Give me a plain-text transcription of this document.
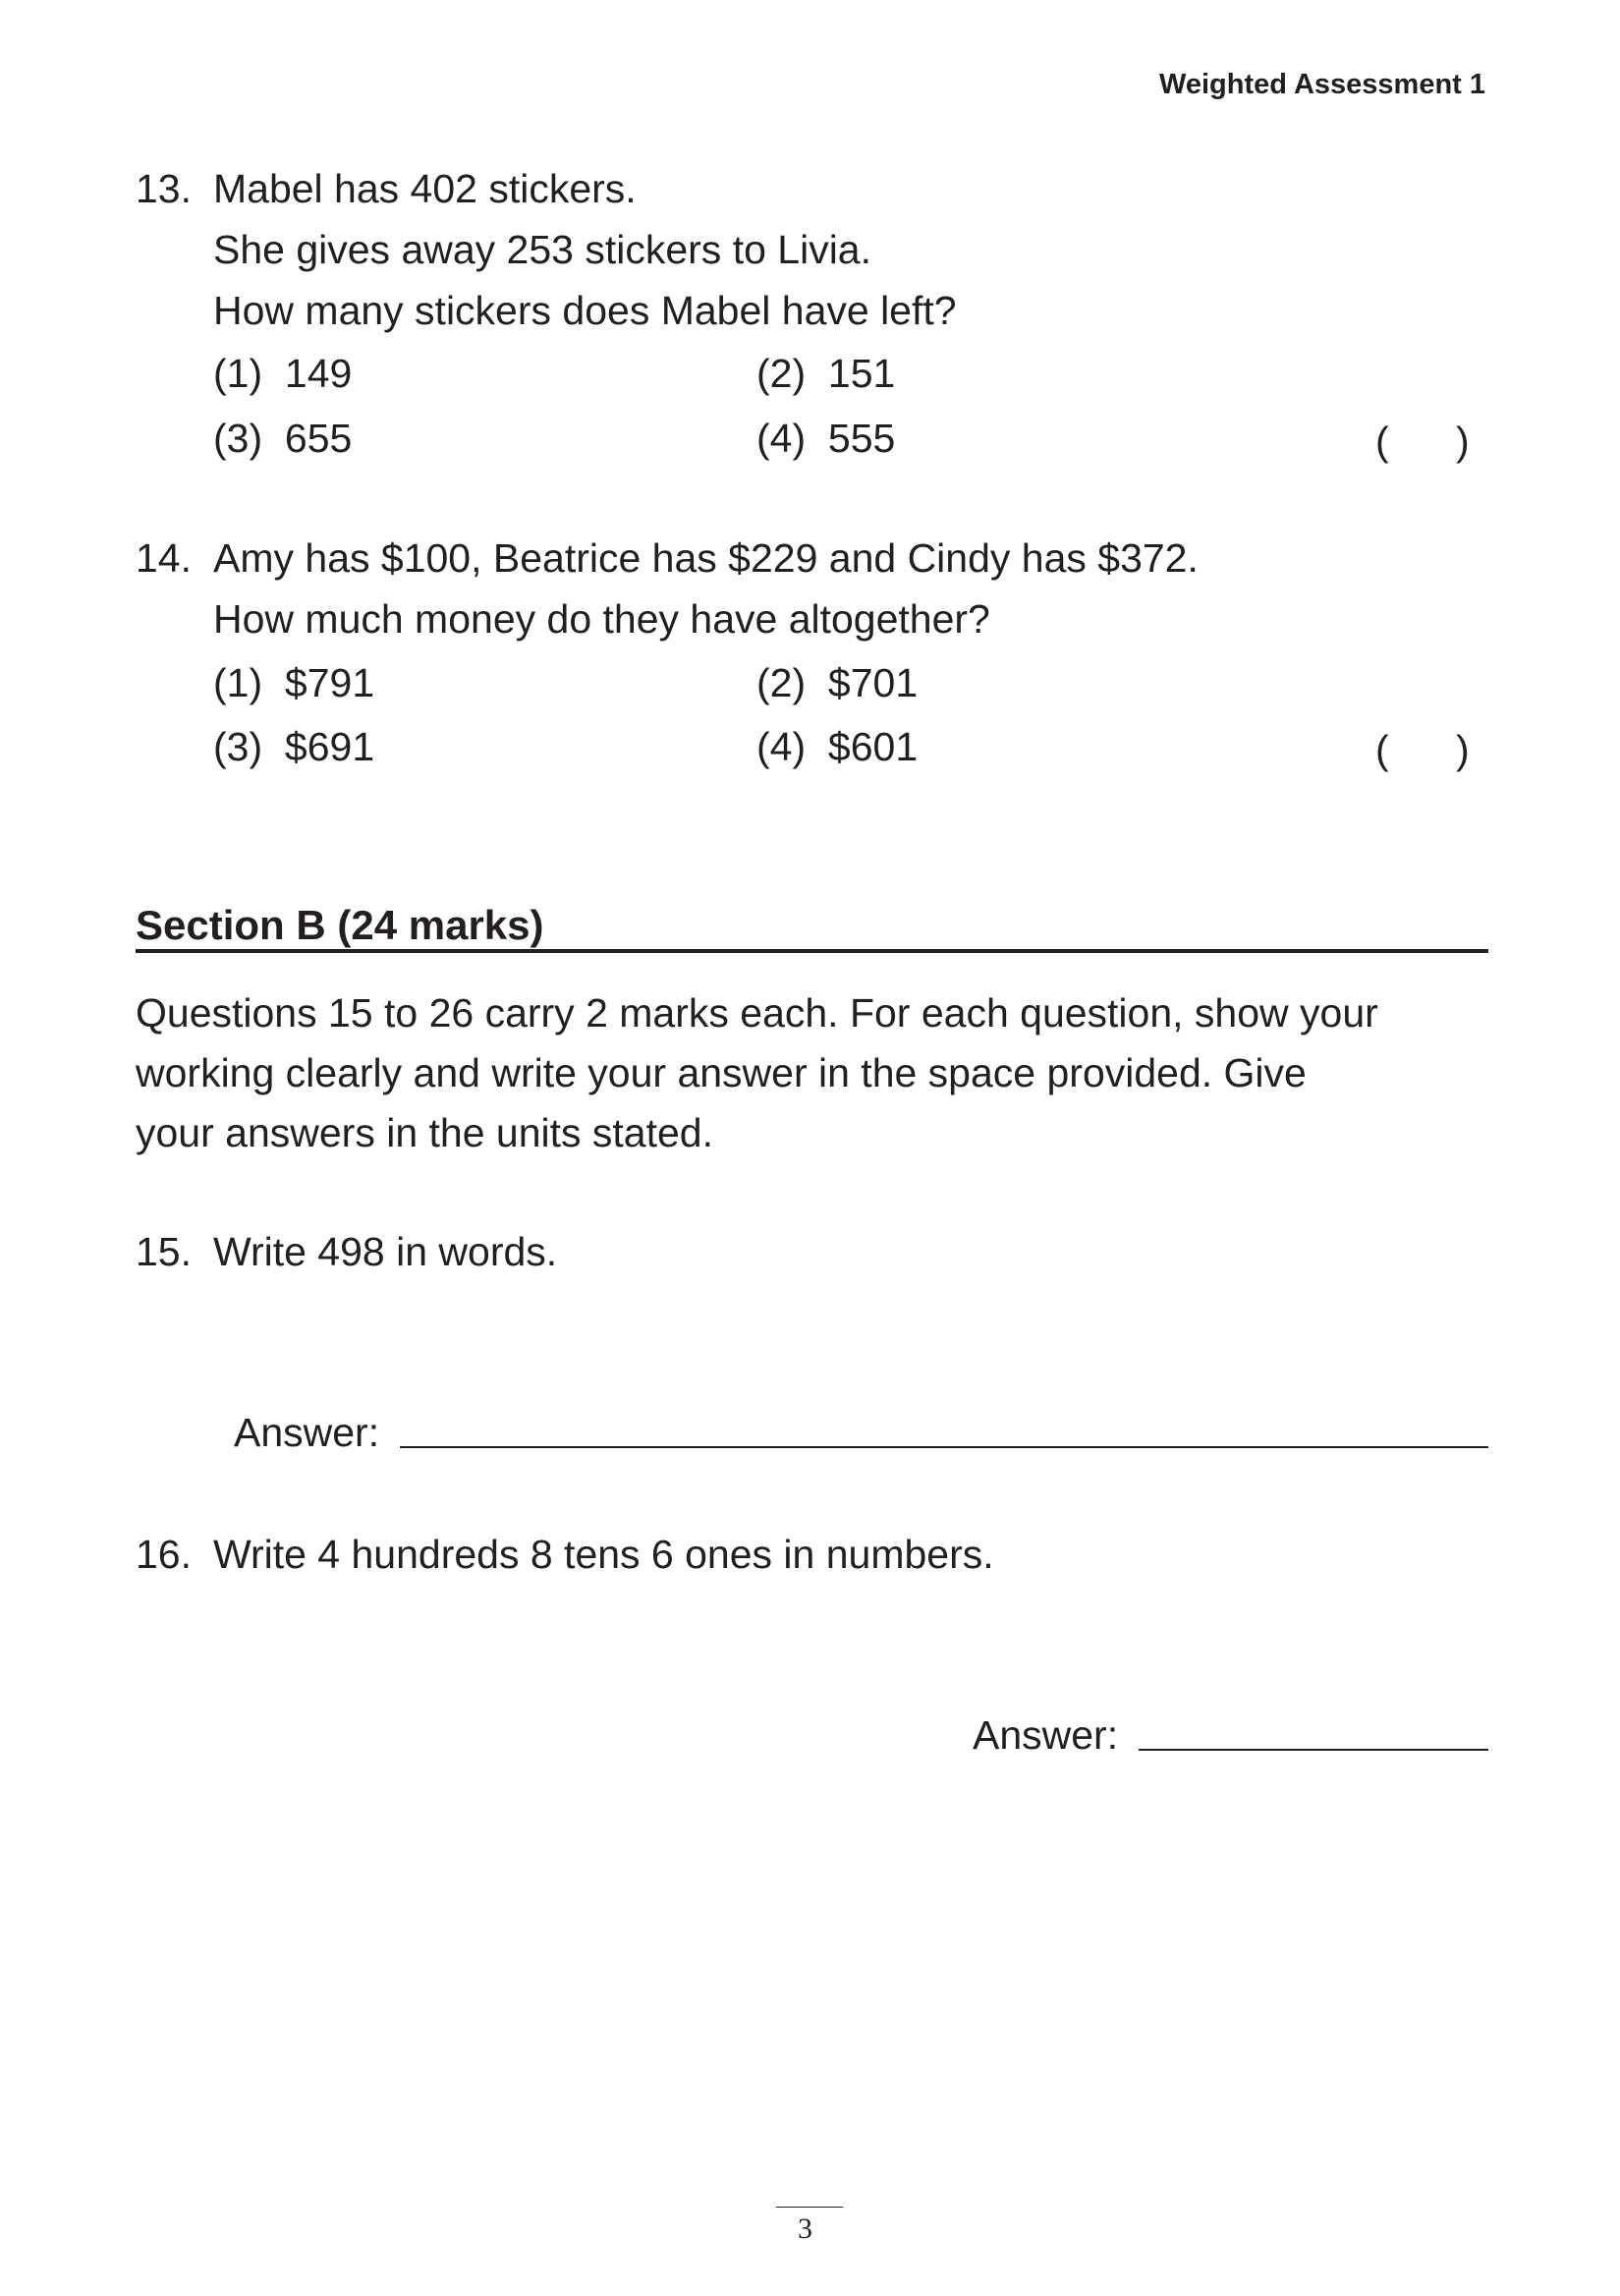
Weighted Assessment 1
13. Mabel has 402 stickers.
She gives away 253 stickers to Livia.
How many stickers does Mabel have left?
(1) 149	(2) 151
(3) 655	(4) 555	(      )
14. Amy has $100, Beatrice has $229 and Cindy has $372.
How much money do they have altogether?
(1) $791	(2) $701
(3) $691	(4) $601	(      )
Section B (24 marks)
Questions 15 to 26 carry 2 marks each. For each question, show your
working clearly and write your answer in the space provided. Give
your answers in the units stated.
15. Write 498 in words.
Answer:
16. Write 4 hundreds 8 tens 6 ones in numbers.
Answer:
3
